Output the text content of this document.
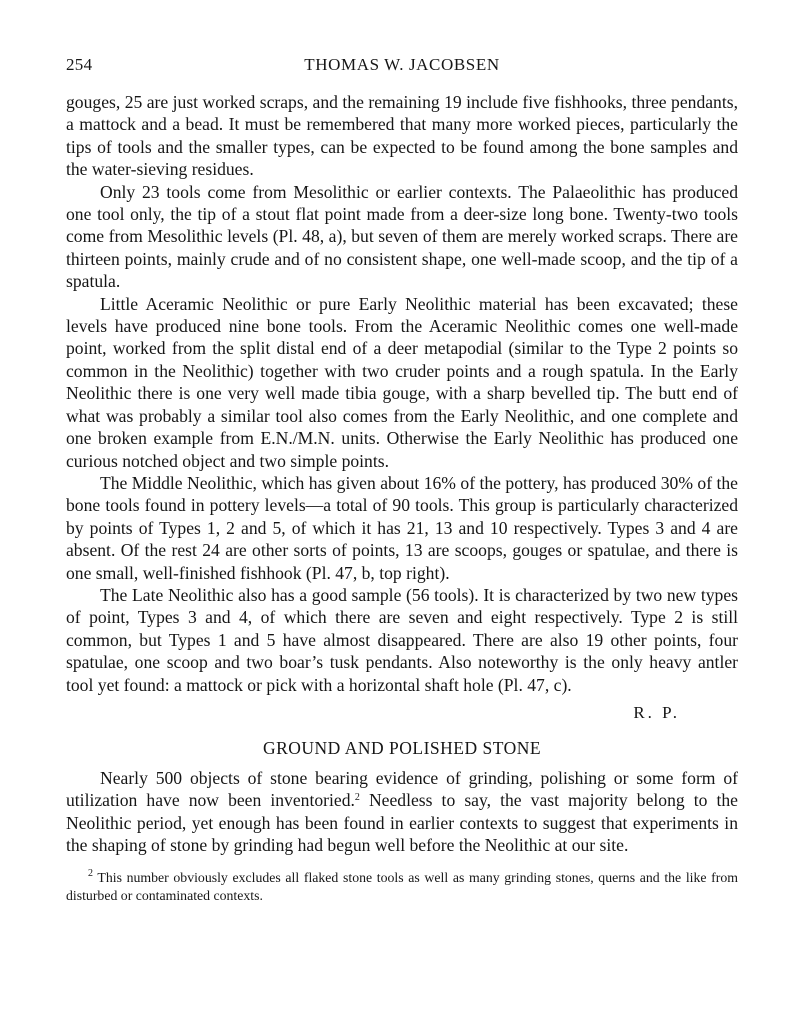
254	THOMAS W. JACOBSEN

gouges, 25 are just worked scraps, and the remaining 19 include five fishhooks, three pendants, a mattock and a bead. It must be remembered that many more worked pieces, particularly the tips of tools and the smaller types, can be expected to be found among the bone samples and the water-sieving residues.

Only 23 tools come from Mesolithic or earlier contexts. The Palaeolithic has produced one tool only, the tip of a stout flat point made from a deer-size long bone. Twenty-two tools come from Mesolithic levels (Pl. 48, a), but seven of them are merely worked scraps. There are thirteen points, mainly crude and of no consistent shape, one well-made scoop, and the tip of a spatula.

Little Aceramic Neolithic or pure Early Neolithic material has been excavated; these levels have produced nine bone tools. From the Aceramic Neolithic comes one well-made point, worked from the split distal end of a deer metapodial (similar to the Type 2 points so common in the Neolithic) together with two cruder points and a rough spatula. In the Early Neolithic there is one very well made tibia gouge, with a sharp bevelled tip. The butt end of what was probably a similar tool also comes from the Early Neolithic, and one complete and one broken example from E.N./M.N. units. Otherwise the Early Neolithic has produced one curious notched object and two simple points.

The Middle Neolithic, which has given about 16% of the pottery, has produced 30% of the bone tools found in pottery levels—a total of 90 tools. This group is particularly characterized by points of Types 1, 2 and 5, of which it has 21, 13 and 10 respectively. Types 3 and 4 are absent. Of the rest 24 are other sorts of points, 13 are scoops, gouges or spatulae, and there is one small, well-finished fishhook (Pl. 47, b, top right).

The Late Neolithic also has a good sample (56 tools). It is characterized by two new types of point, Types 3 and 4, of which there are seven and eight respectively. Type 2 is still common, but Types 1 and 5 have almost disappeared. There are also 19 other points, four spatulae, one scoop and two boar’s tusk pendants. Also noteworthy is the only heavy antler tool yet found: a mattock or pick with a horizontal shaft hole (Pl. 47, c).

R. P.
GROUND AND POLISHED STONE

Nearly 500 objects of stone bearing evidence of grinding, polishing or some form of utilization have now been inventoried.$^2$ Needless to say, the vast majority belong to the Neolithic period, yet enough has been found in earlier contexts to suggest that experiments in the shaping of stone by grinding had begun well before the Neolithic at our site.

$^2$ This number obviously excludes all flaked stone tools as well as many grinding stones, querns and the like from disturbed or contaminated contexts.
